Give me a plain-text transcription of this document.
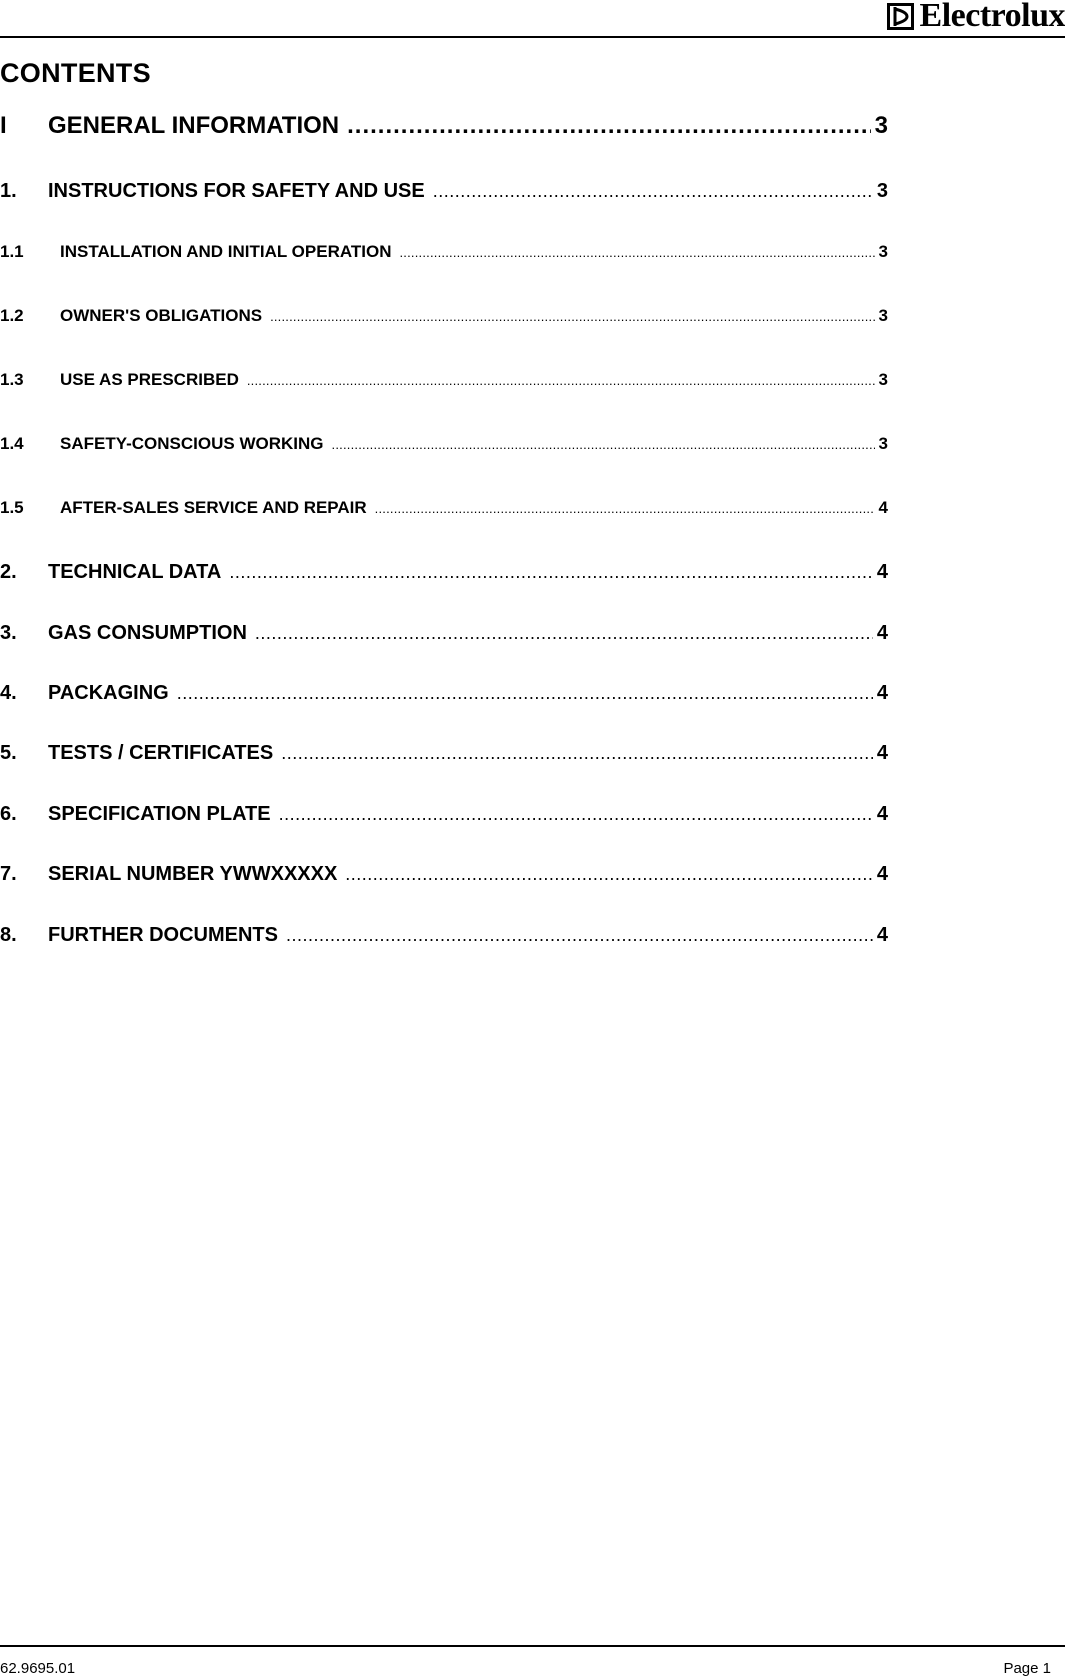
Electrolux
CONTENTS
I	GENERAL INFORMATION .....	3
1.	INSTRUCTIONS FOR SAFETY AND USE .....	3
1.1	INSTALLATION AND INITIAL OPERATION .....	3
1.2	OWNER'S OBLIGATIONS .....	3
1.3	USE AS PRESCRIBED .....	3
1.4	SAFETY-CONSCIOUS WORKING .....	3
1.5	AFTER-SALES SERVICE AND REPAIR .....	4
2.	TECHNICAL DATA .....	4
3.	GAS CONSUMPTION .....	4
4.	PACKAGING .....	4
5.	TESTS / CERTIFICATES .....	4
6.	SPECIFICATION PLATE .....	4
7.	SERIAL NUMBER YWWXXXXX .....	4
8.	FURTHER DOCUMENTS .....	4
62.9695.01	Page 1
